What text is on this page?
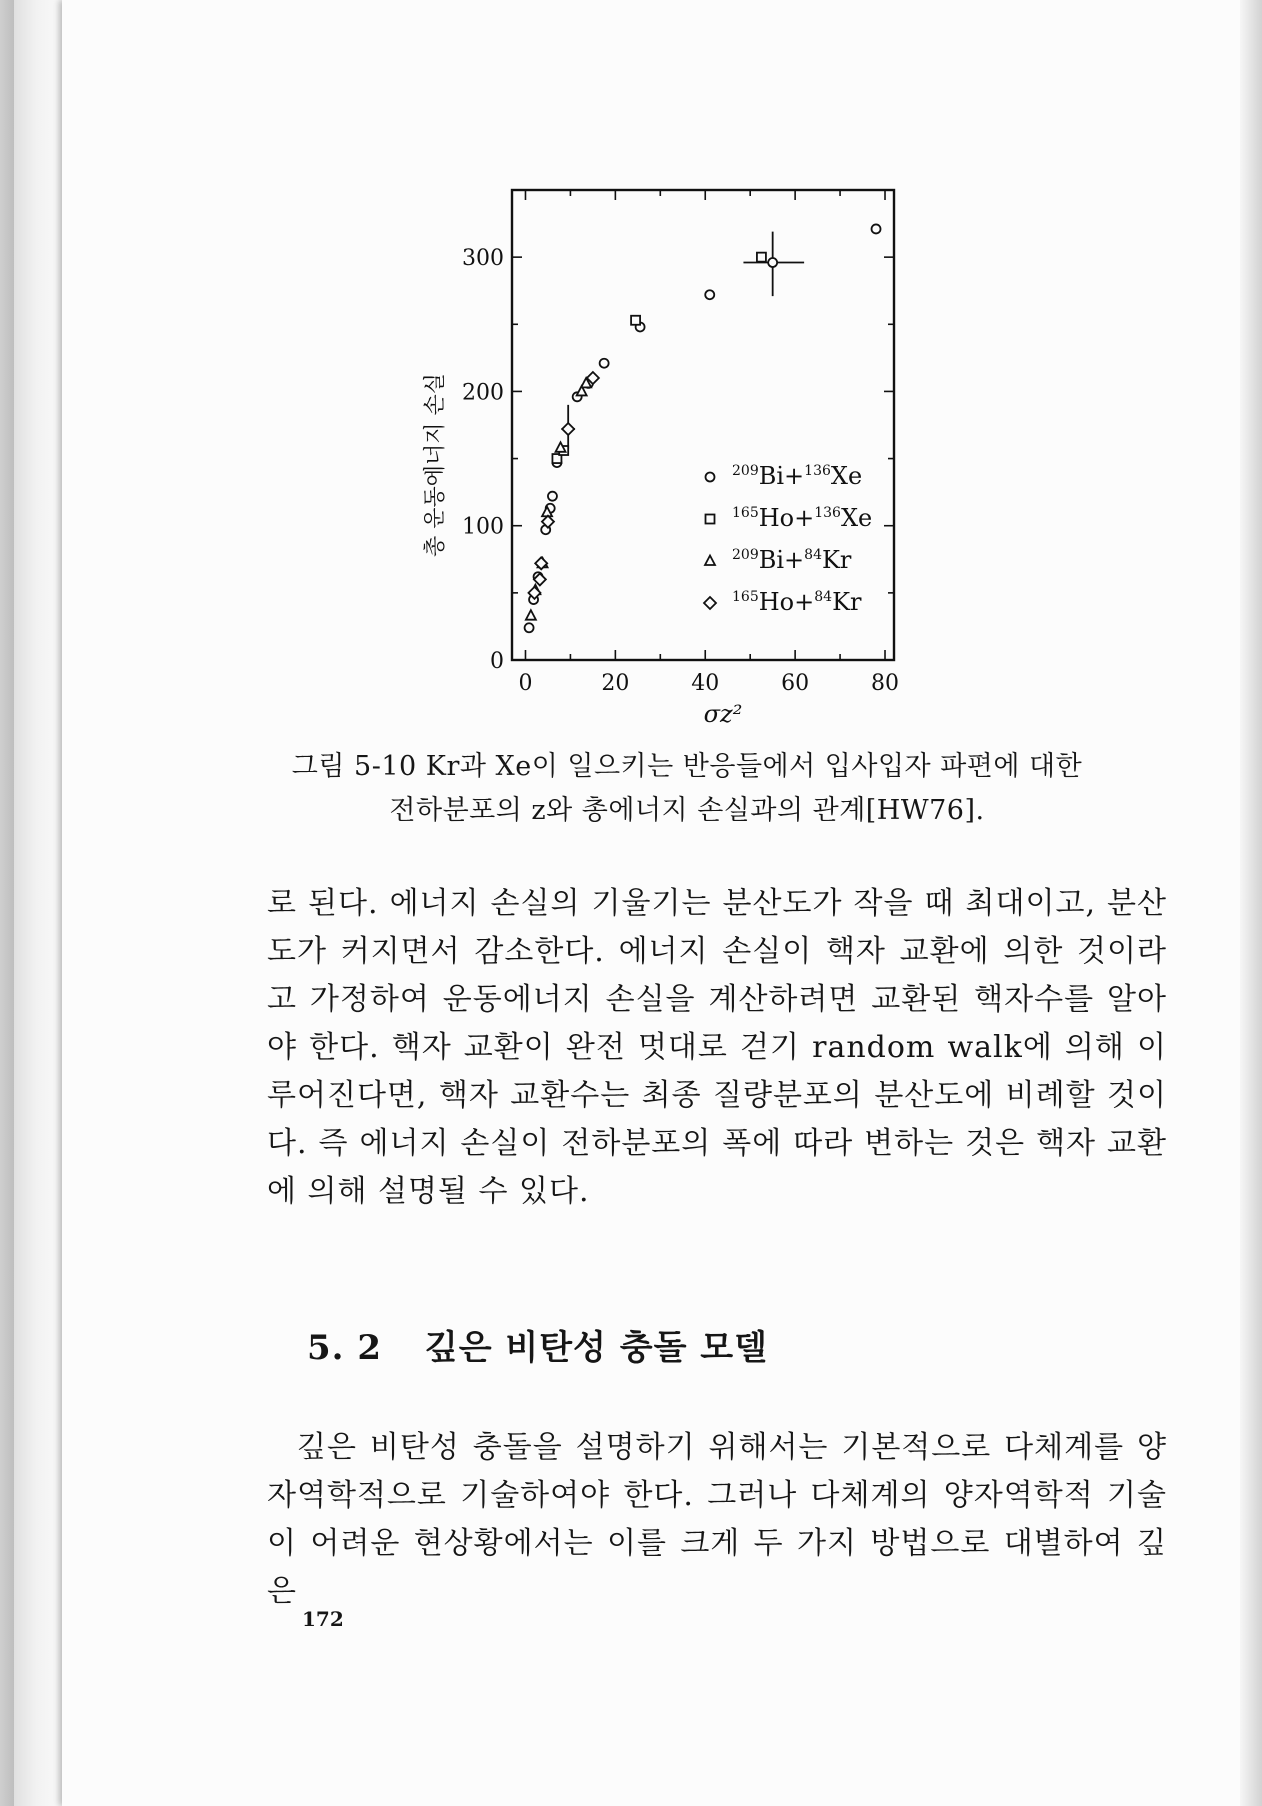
0	20	40	60	80
0
100
200
300
σz²
총 운동에너지 손실	$^{209}$Bi+$^{136}$Xe
$^{165}$Ho+$^{136}$Xe
$^{209}$Bi+$^{84}$Kr
$^{165}$Ho+$^{84}$Kr
그림 5-10 Kr과 Xe이 일으키는 반응들에서 입사입자 파편에 대한
전하분포의 z와 총에너지 손실과의 관계[HW76].
로 된다. 에너지 손실의 기울기는 분산도가 작을 때 최대이고, 분산도가 커지면서 감소한다. 에너지 손실이 핵자 교환에 의한 것이라고 가정하여 운동에너지 손실을 계산하려면 교환된 핵자수를 알아야 한다. 핵자 교환이 완전 멋대로 걷기 random walk에 의해 이루어진다면, 핵자 교환수는 최종 질량분포의 분산도에 비례할 것이다. 즉 에너지 손실이 전하분포의 폭에 따라 변하는 것은 핵자 교환에 의해 설명될 수 있다.
5. 2 깊은 비탄성 충돌 모델
깊은 비탄성 충돌을 설명하기 위해서는 기본적으로 다체계를 양자역학적으로 기술하여야 한다. 그러나 다체계의 양자역학적 기술이 어려운 현상황에서는 이를 크게 두 가지 방법으로 대별하여 깊은
172
